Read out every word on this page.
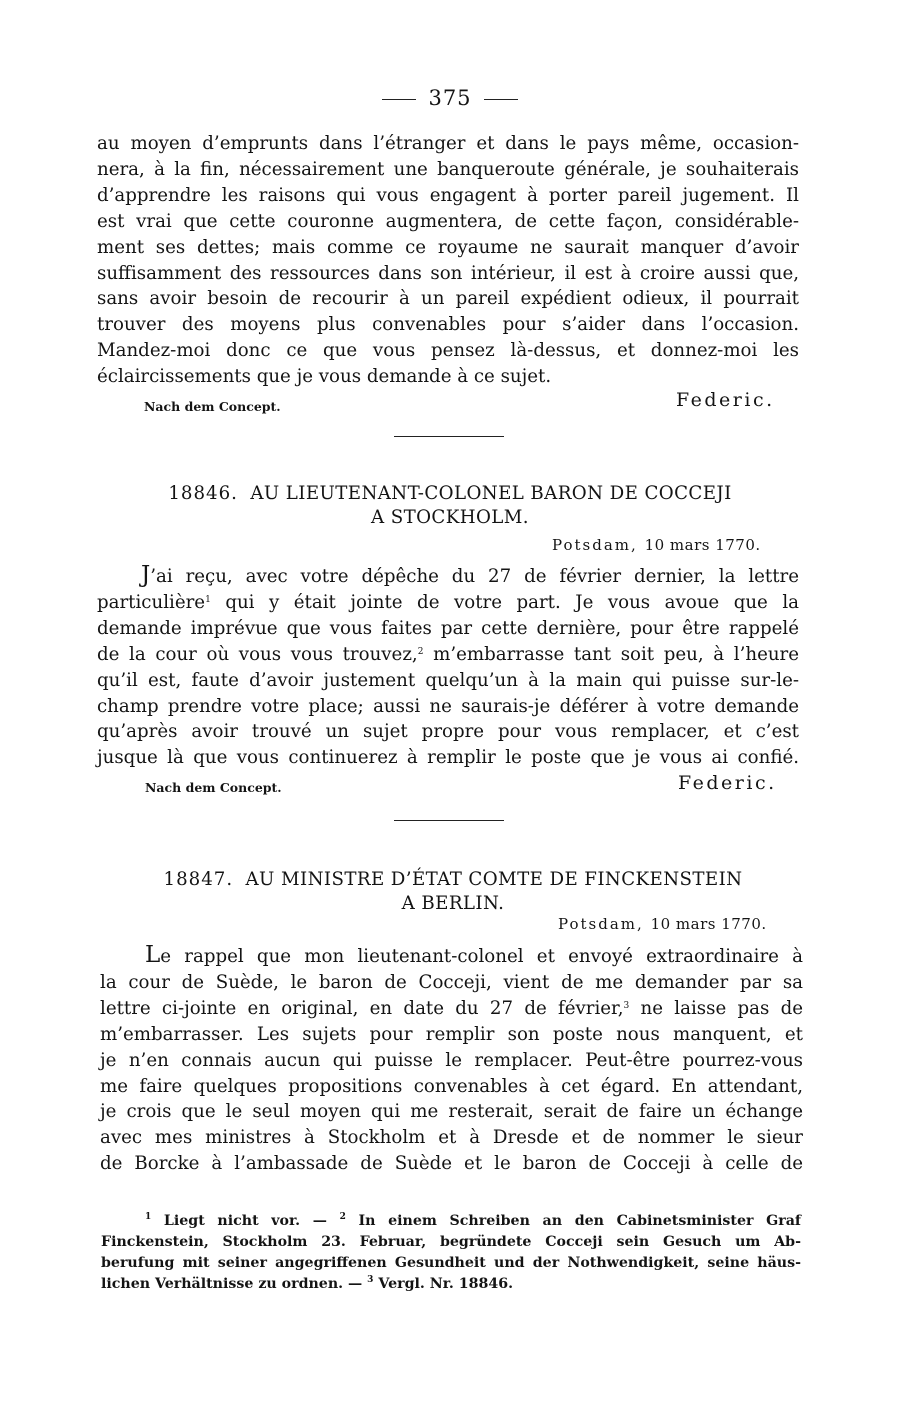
375
au moyen d’emprunts dans l’étranger et dans le pays même, occasion-
nera, à la fin, nécessairement une banqueroute générale, je souhaiterais
d’apprendre les raisons qui vous engagent à porter pareil jugement. Il
est vrai que cette couronne augmentera, de cette façon, considérable-
ment ses dettes; mais comme ce royaume ne saurait manquer d’avoir
suffisamment des ressources dans son intérieur, il est à croire aussi que,
sans avoir besoin de recourir à un pareil expédient odieux, il pourrait
trouver des moyens plus convenables pour s’aider dans l’occasion.
Mandez-moi donc ce que vous pensez là-dessus, et donnez-moi les
éclaircissements que je vous demande à ce sujet.
Nach dem Concept.	Federic.
18846. AU LIEUTENANT-COLONEL BARON DE COCCEJI
A STOCKHOLM.
Potsdam, 10 mars 1770.
J’ai reçu, avec votre dépêche du 27 de février dernier, la lettre
particulière$^1$ qui y était jointe de votre part. Je vous avoue que la
demande imprévue que vous faites par cette dernière, pour être rappelé
de la cour où vous vous trouvez,$^2$ m’embarrasse tant soit peu, à l’heure
qu’il est, faute d’avoir justement quelqu’un à la main qui puisse sur-le-
champ prendre votre place; aussi ne saurais-je déférer à votre demande
qu’après avoir trouvé un sujet propre pour vous remplacer, et c’est
jusque là que vous continuerez à remplir le poste que je vous ai confié.
Nach dem Concept.	Federic.
18847. AU MINISTRE D’ÉTAT COMTE DE FINCKENSTEIN
A BERLIN.
Potsdam, 10 mars 1770.
Le rappel que mon lieutenant-colonel et envoyé extraordinaire à
la cour de Suède, le baron de Cocceji, vient de me demander par sa
lettre ci-jointe en original, en date du 27 de février,$^3$ ne laisse pas de
m’embarrasser. Les sujets pour remplir son poste nous manquent, et
je n’en connais aucun qui puisse le remplacer. Peut-être pourrez-vous
me faire quelques propositions convenables à cet égard. En attendant,
je crois que le seul moyen qui me resterait, serait de faire un échange
avec mes ministres à Stockholm et à Dresde et de nommer le sieur
de Borcke à l’ambassade de Suède et le baron de Cocceji à celle de
$^1$ Liegt nicht vor. — $^2$ In einem Schreiben an den Cabinetsminister Graf
Finckenstein, Stockholm 23. Februar, begründete Cocceji sein Gesuch um Ab-
berufung mit seiner angegriffenen Gesundheit und der Nothwendigkeit, seine häus-
lichen Verhältnisse zu ordnen. — $^3$ Vergl. Nr. 18846.
